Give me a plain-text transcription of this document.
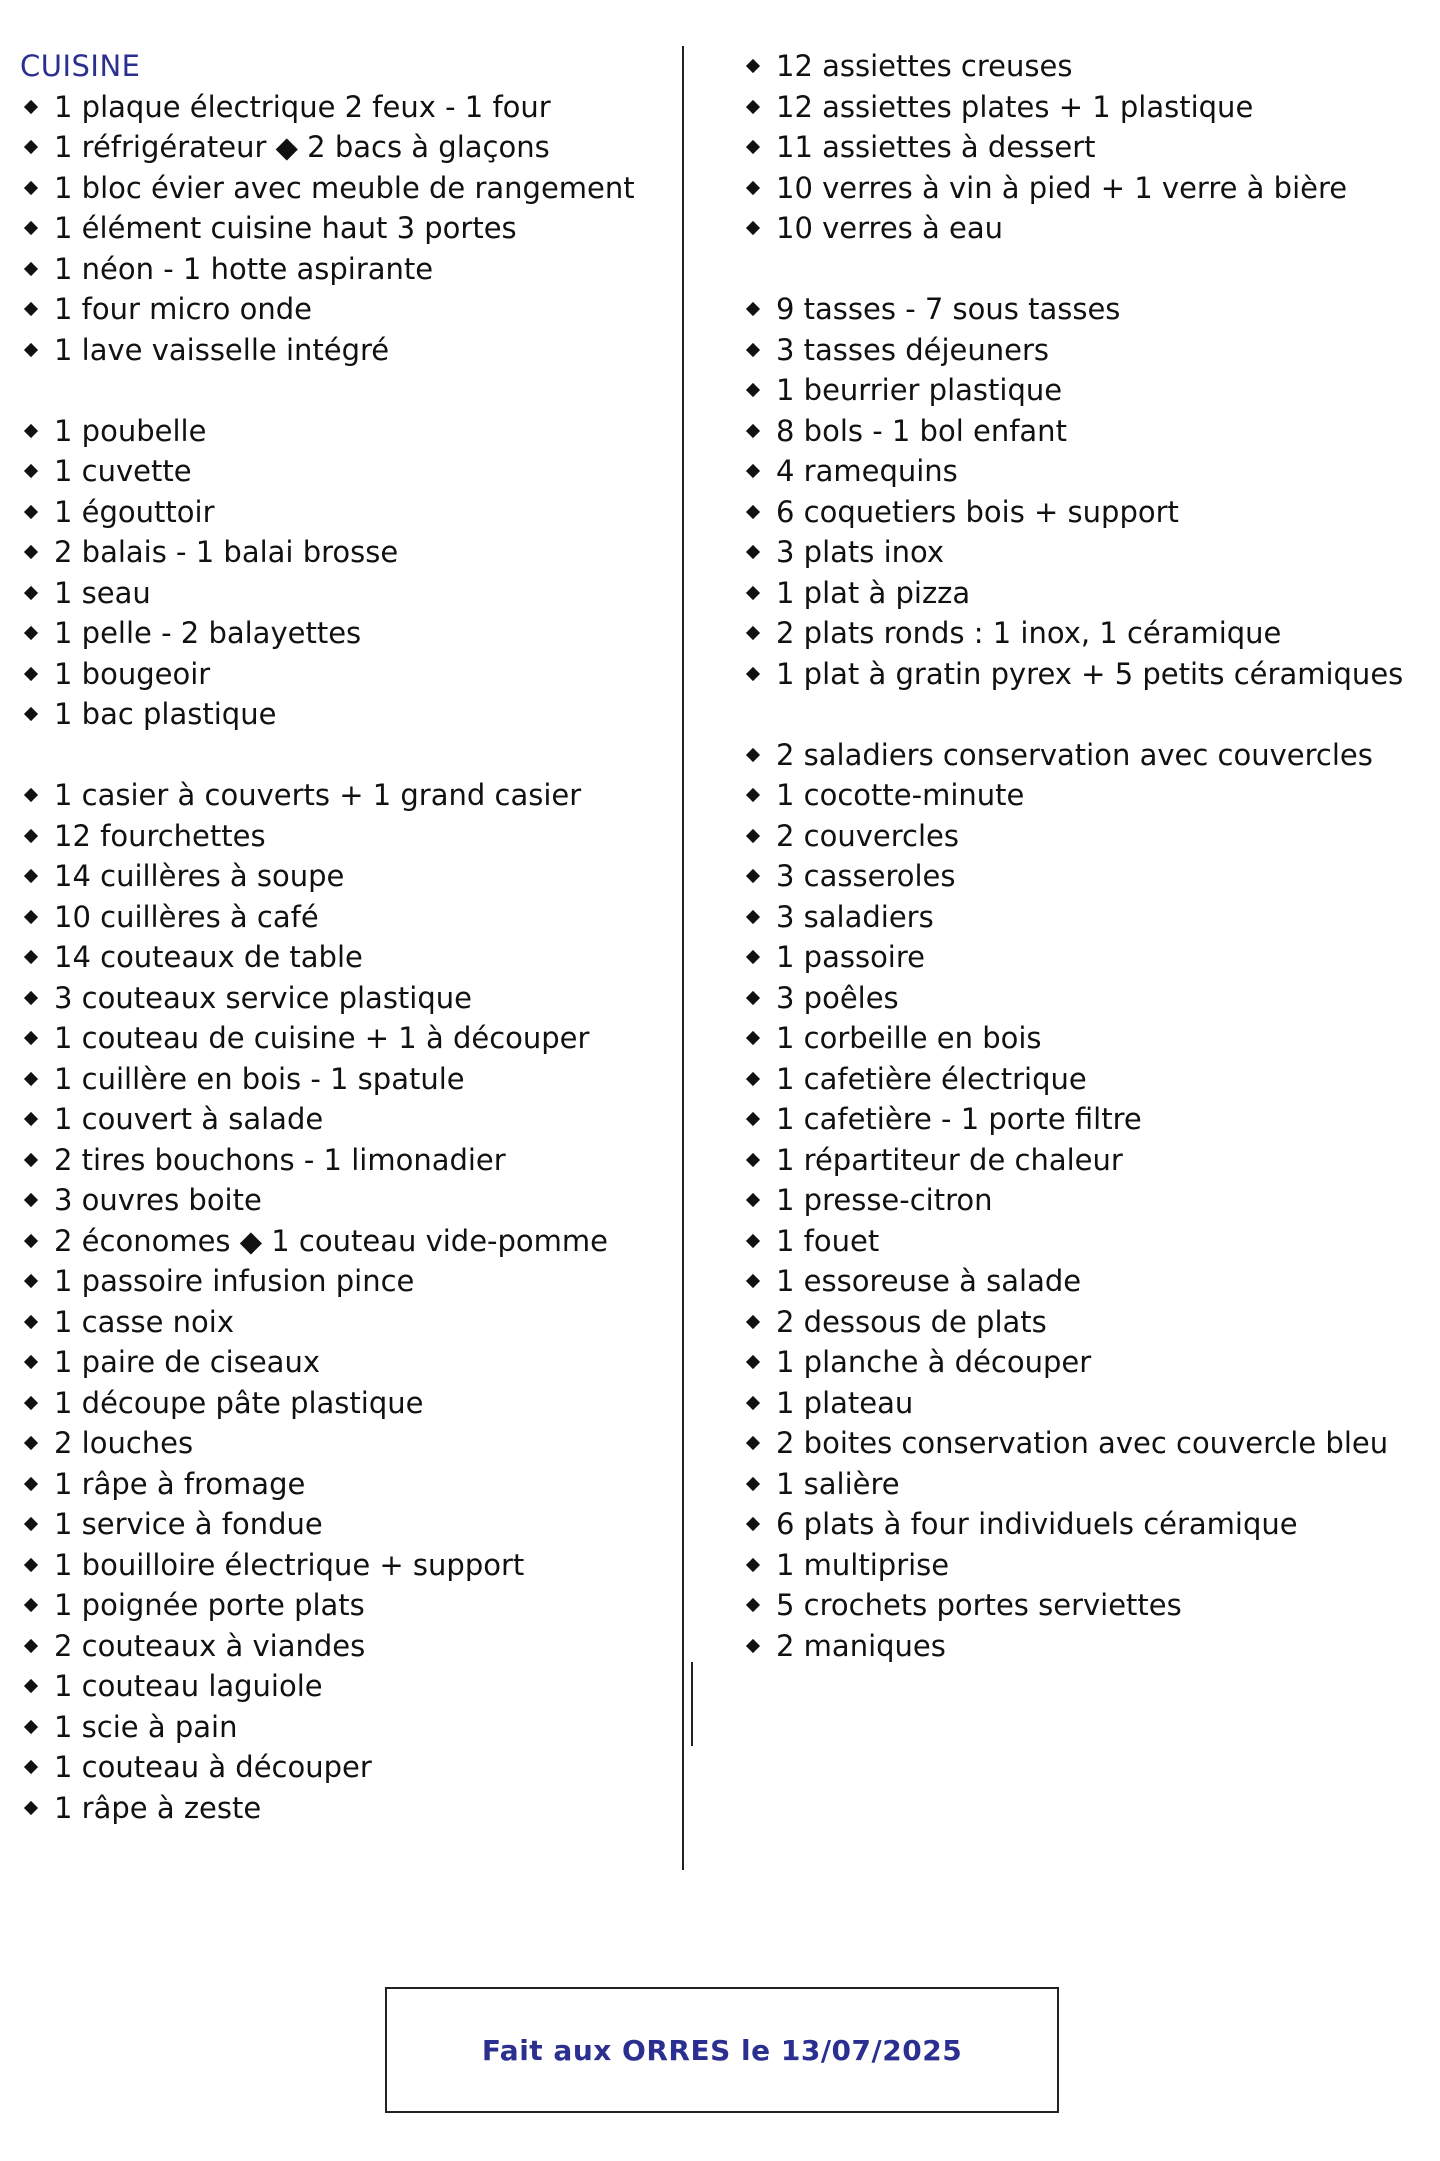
CUISINE
1 plaque électrique 2 feux - 1 four
1 réfrigérateur ◆ 2 bacs à glaçons
1 bloc évier avec meuble de rangement
1 élément cuisine haut 3 portes
1 néon - 1 hotte aspirante
1 four micro onde
1 lave vaisselle intégré
1 poubelle
1 cuvette
1 égouttoir
2 balais - 1 balai brosse
1 seau
1 pelle - 2 balayettes
1 bougeoir
1 bac plastique
1 casier à couverts + 1 grand casier
12 fourchettes
14 cuillères à soupe
10 cuillères à café
14 couteaux de table
3 couteaux service plastique
1 couteau de cuisine + 1 à découper
1 cuillère en bois - 1 spatule
1 couvert à salade
2 tires bouchons - 1 limonadier
3 ouvres boite
2 économes ◆ 1 couteau vide-pomme
1 passoire infusion pince
1 casse noix
1 paire de ciseaux
1 découpe pâte plastique
2 louches
1 râpe à fromage
1 service à fondue
1 bouilloire électrique + support
1 poignée porte plats
2 couteaux à viandes
1 couteau laguiole
1 scie à pain
1 couteau à découper
1 râpe à zeste
12 assiettes creuses
12 assiettes plates + 1 plastique
11 assiettes à dessert
10 verres à vin à pied + 1 verre à bière
10 verres à eau
9 tasses - 7 sous tasses
3 tasses déjeuners
1 beurrier plastique
8 bols - 1 bol enfant
4 ramequins
6 coquetiers bois + support
3 plats inox
1 plat à pizza
2 plats ronds : 1 inox, 1 céramique
1 plat à gratin pyrex + 5 petits céramiques
2 saladiers conservation avec couvercles
1 cocotte-minute
2 couvercles
3 casseroles
3 saladiers
1 passoire
3 poêles
1 corbeille en bois
1 cafetière électrique
1 cafetière - 1 porte filtre
1 répartiteur de chaleur
1 presse-citron
1 fouet
1 essoreuse à salade
2 dessous de plats
1 planche à découper
1 plateau
2 boites conservation avec couvercle bleu
1 salière
6 plats à four individuels céramique
1 multiprise
5 crochets portes serviettes
2 maniques
Fait aux ORRES le 13/07/2025
